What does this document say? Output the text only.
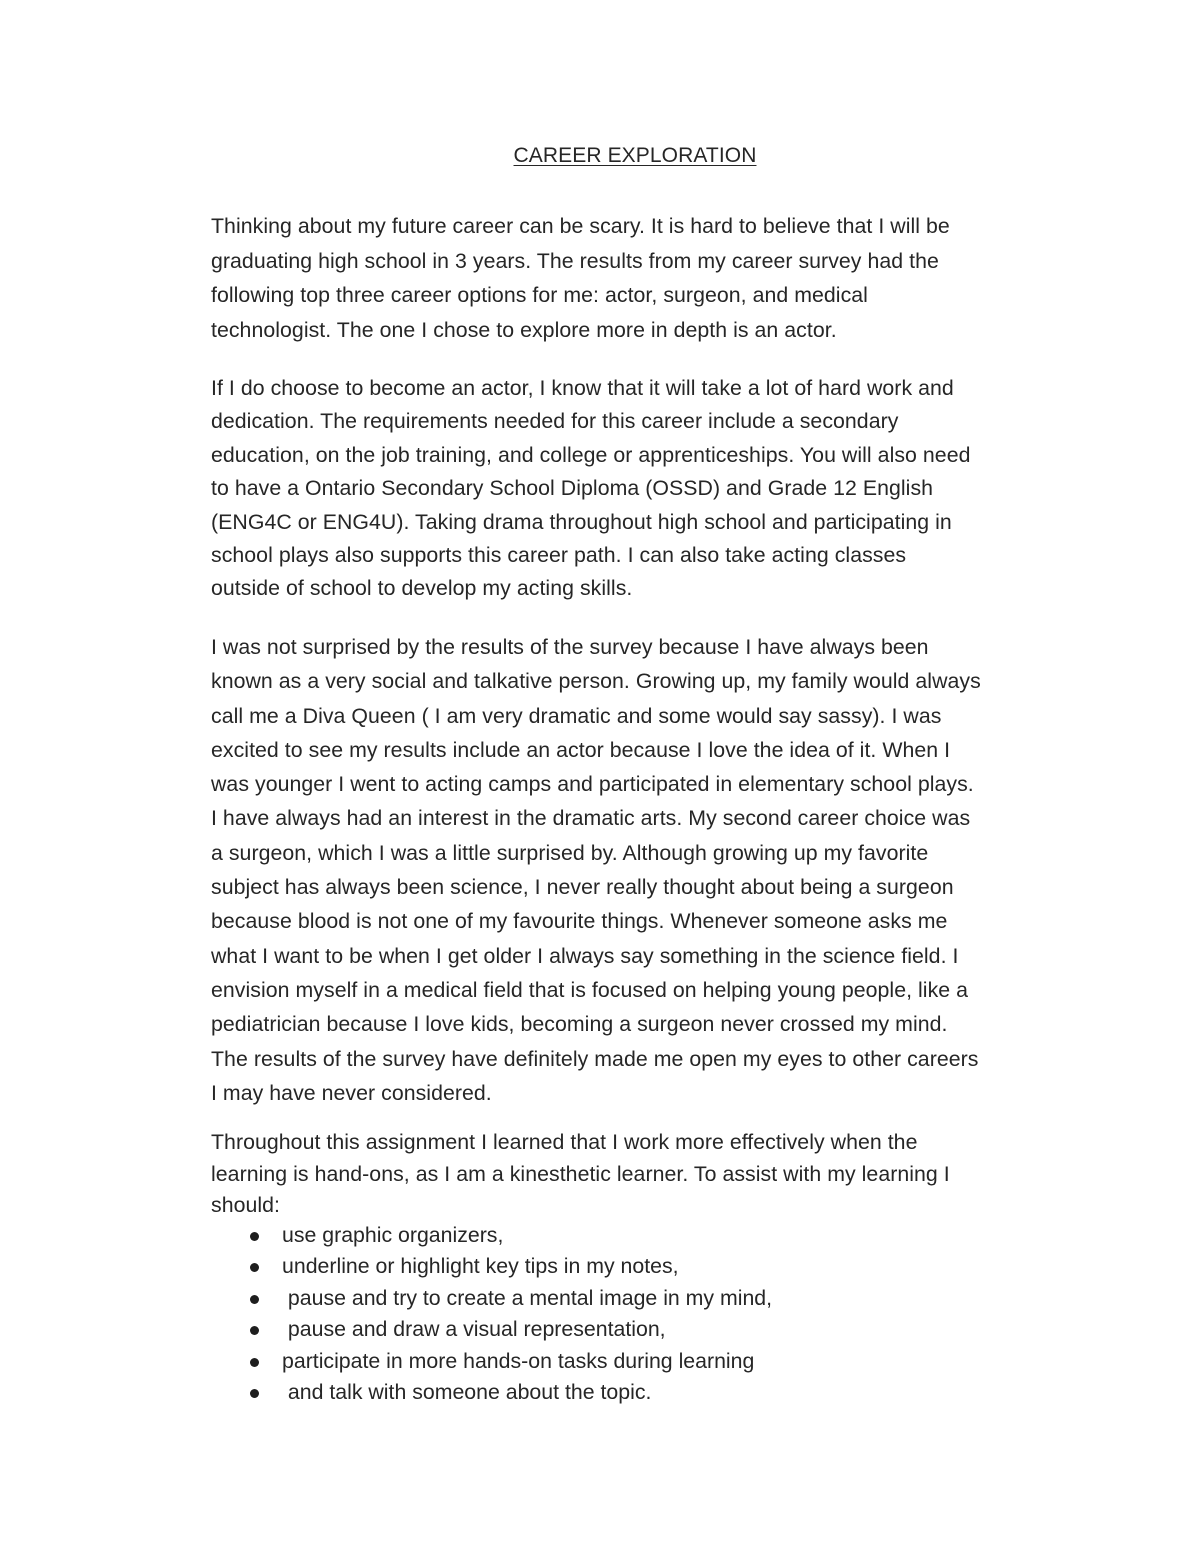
CAREER EXPLORATION

Thinking about my future career can be scary. It is hard to believe that I will be
graduating high school in 3 years. The results from my career survey had the
following top three career options for me: actor, surgeon, and medical
technologist. The one I chose to explore more in depth is an actor.

If I do choose to become an actor, I know that it will take a lot of hard work and
dedication. The requirements needed for this career include a secondary
education, on the job training, and college or apprenticeships. You will also need
to have a Ontario Secondary School Diploma (OSSD) and Grade 12 English
(ENG4C or ENG4U). Taking drama throughout high school and participating in
school plays also supports this career path. I can also take acting classes
outside of school to develop my acting skills.

I was not surprised by the results of the survey because I have always been
known as a very social and talkative person. Growing up, my family would always
call me a Diva Queen ( I am very dramatic and some would say sassy). I was
excited to see my results include an actor because I love the idea of it. When I
was younger I went to acting camps and participated in elementary school plays.
I have always had an interest in the dramatic arts. My second career choice was
a surgeon, which I was a little surprised by. Although growing up my favorite
subject has always been science, I never really thought about being a surgeon
because blood is not one of my favourite things. Whenever someone asks me
what I want to be when I get older I always say something in the science field. I
envision myself in a medical field that is focused on helping young people, like a
pediatrician because I love kids, becoming a surgeon never crossed my mind.
The results of the survey have definitely made me open my eyes to other careers
I may have never considered.

Throughout this assignment I learned that I work more effectively when the
learning is hand-ons, as I am a kinesthetic learner. To assist with my learning I
should:

use graphic organizers,
underline or highlight key tips in my notes,
pause and try to create a mental image in my mind,
pause and draw a visual representation,
participate in more hands-on tasks during learning
and talk with someone about the topic.
